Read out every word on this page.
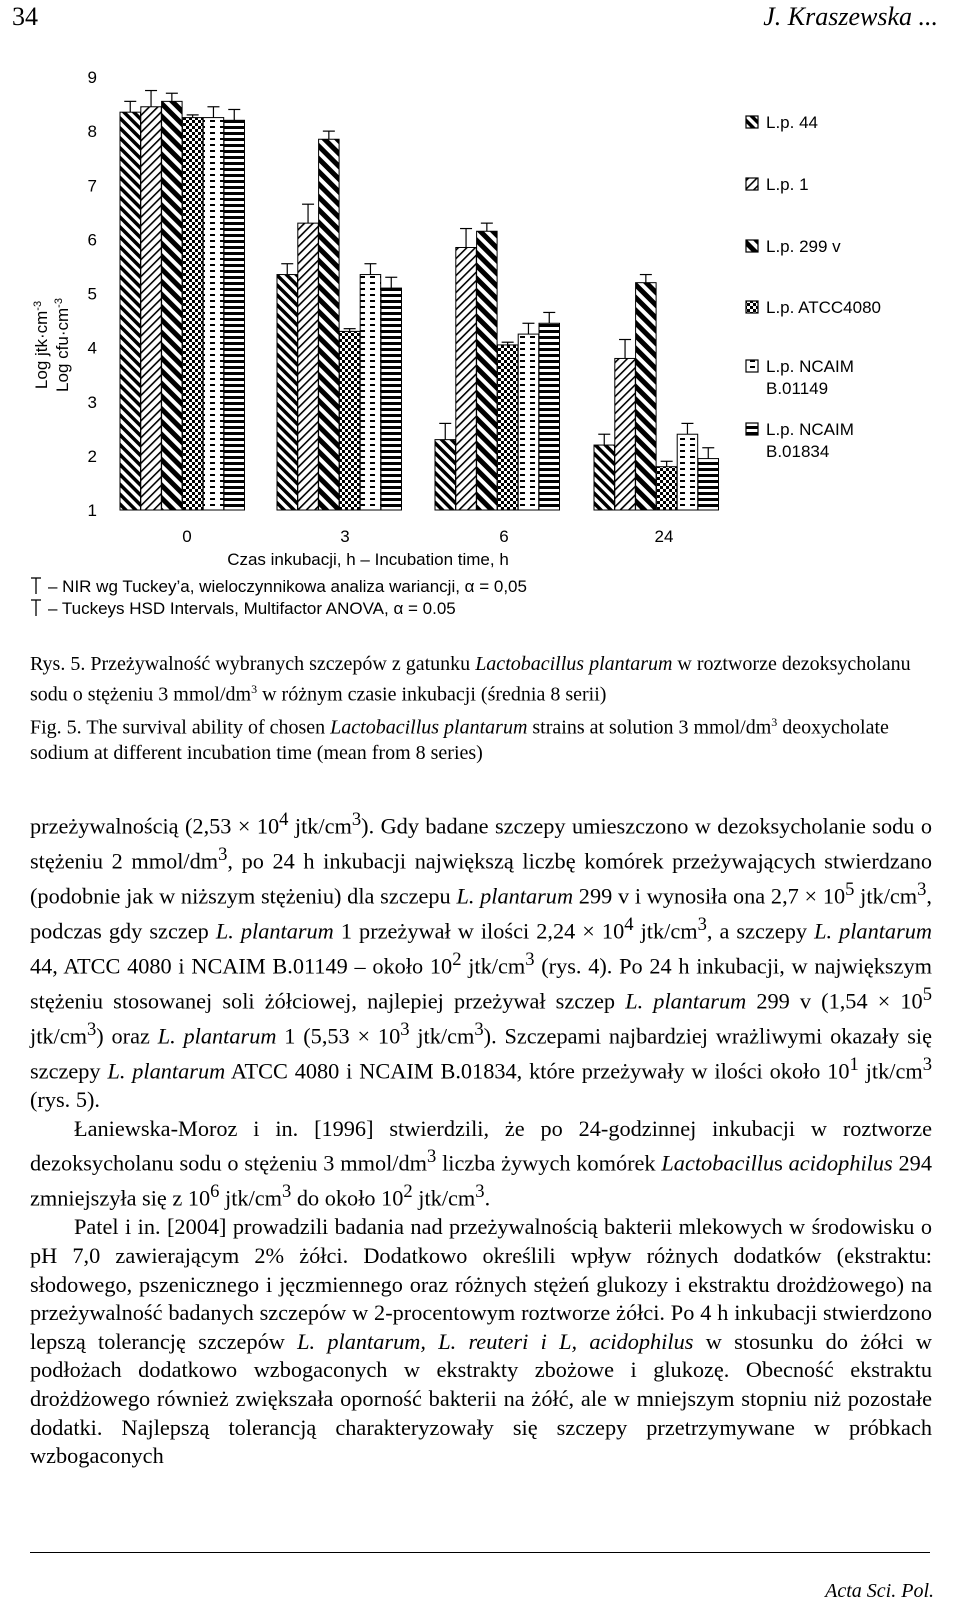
34	J. Kraszewska ...
Log $jtk\cdot cm^{-3}$
Log $cfu\cdot cm^{-3}$
1
2
3
4
5
6
7
8
9
0	3	6	24
Czas inkubacji, h – Incubation time, h
– NIR wg Tuckey’a, wieloczynnikowa analiza wariancji, α = 0,05
– Tuckeys HSD Intervals, Multifactor ANOVA, α = 0.05
L.p. 44
L.p. 1
L.p. 299 v
L.p. ATCC4080
L.p. NCAIM
B.01149
L.p. NCAIM
B.01834
Rys. 5. Przeżywalność wybranych szczepów z gatunku Lactobacillus plantarum w roztworze dezoksycholanu sodu o stężeniu 3 mmol/$dm^3$ w różnym czasie inkubacji (średnia 8 serii)
Fig. 5. The survival ability of chosen Lactobacillus plantarum strains at solution 3 mmol/$dm^3$ deoxycholate sodium at different incubation time (mean from 8 series)

przeżywalnością ($2,53 \times 10^4$ jtk/$cm^3$). Gdy badane szczepy umieszczono w dezoksycholanie sodu o stężeniu 2 mmol/$dm^3$, po 24 h inkubacji największą liczbę komórek przeżywających stwierdzano (podobnie jak w niższym stężeniu) dla szczepu L. plantarum 299 v i wynosiła ona $2,7 \times 10^5$ jtk/$cm^3$, podczas gdy szczep L. plantarum 1 przeżywał w ilości $2,24 \times 10^4$ jtk/$cm^3$, a szczepy L. plantarum 44, ATCC 4080 i NCAIM B.01149 – około $10^2$ jtk/$cm^3$ (rys. 4). Po 24 h inkubacji, w największym stężeniu stosowanej soli żółciowej, najlepiej przeżywał szczep L. plantarum 299 v ($1,54 \times 10^5$ jtk/$cm^3$) oraz L. plantarum 1 ($5,53 \times 10^3$ jtk/$cm^3$). Szczepami najbardziej wrażliwymi okazały się szczepy L. plantarum ATCC 4080 i NCAIM B.01834, które przeżywały w ilości około $10^1$ jtk/$cm^3$ (rys. 5).

Łaniewska-Moroz i in. [1996] stwierdzili, że po 24-godzinnej inkubacji w roztworze dezoksycholanu sodu o stężeniu 3 mmol/$dm^3$ liczba żywych komórek Lactobacillus acidophilus 294 zmniejszyła się z $10^6$ jtk/$cm^3$ do około $10^2$ jtk/$cm^3$.

Patel i in. [2004] prowadzili badania nad przeżywalnością bakterii mlekowych w środowisku o pH 7,0 zawierającym 2% żółci. Dodatkowo określili wpływ różnych dodatków (ekstraktu: słodowego, pszenicznego i jęczmiennego oraz różnych stężeń glukozy i ekstraktu drożdżowego) na przeżywalność badanych szczepów w 2-procentowym roztworze żółci. Po 4 h inkubacji stwierdzono lepszą tolerancję szczepów L. plantarum, L. reuteri i L, acidophilus w stosunku do żółci w podłożach dodatkowo wzbogaconych w ekstrakty zbożowe i glukozę. Obecność ekstraktu drożdżowego również zwiększała oporność bakterii na żółć, ale w mniejszym stopniu niż pozostałe dodatki. Najlepszą tolerancją charakteryzowały się szczepy przetrzymywane w próbkach wzbogaconych

Acta Sci. Pol.
